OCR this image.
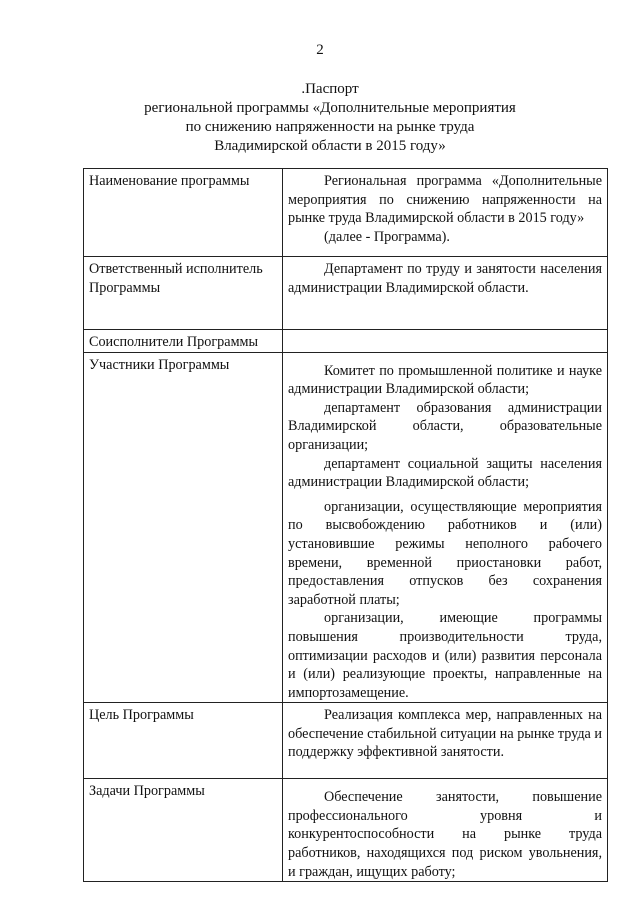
2
.Паспорт
региональной программы «Дополнительные мероприятия
по снижению напряженности на рынке труда
Владимирской области в 2015 году»
Наименование программы	Региональная программа «Дополнительные мероприятия по снижению напряженности на рынке труда Владимирской области в 2015 году»

(далее - Программа).

Ответственный исполнитель Программы	Департамент по труду и занятости населения администрации Владимирской области.

Соисполнители Программы	
Участники Программы	Комитет по промышленной политике и науке администрации Владимирской области;

департамент образования администрации Владимирской области, образовательные организации;

департамент социальной защиты населения администрации Владимирской области;

организации, осуществляющие мероприятия по высвобождению работников и (или) установившие режимы неполного рабочего времени, временной приостановки работ, предоставления отпусков без сохранения заработной платы;

организации, имеющие программы повышения производительности труда, оптимизации расходов и (или) развития персонала и (или) реализующие проекты, направленные на импортозамещение.

Цель Программы	Реализация комплекса мер, направленных на обеспечение стабильной ситуации на рынке труда и поддержку эффективной занятости.

Задачи Программы	Обеспечение занятости, повышение профессионального уровня и конкурентоспособности на рынке труда работников, находящихся под риском увольнения, и граждан, ищущих работу;
